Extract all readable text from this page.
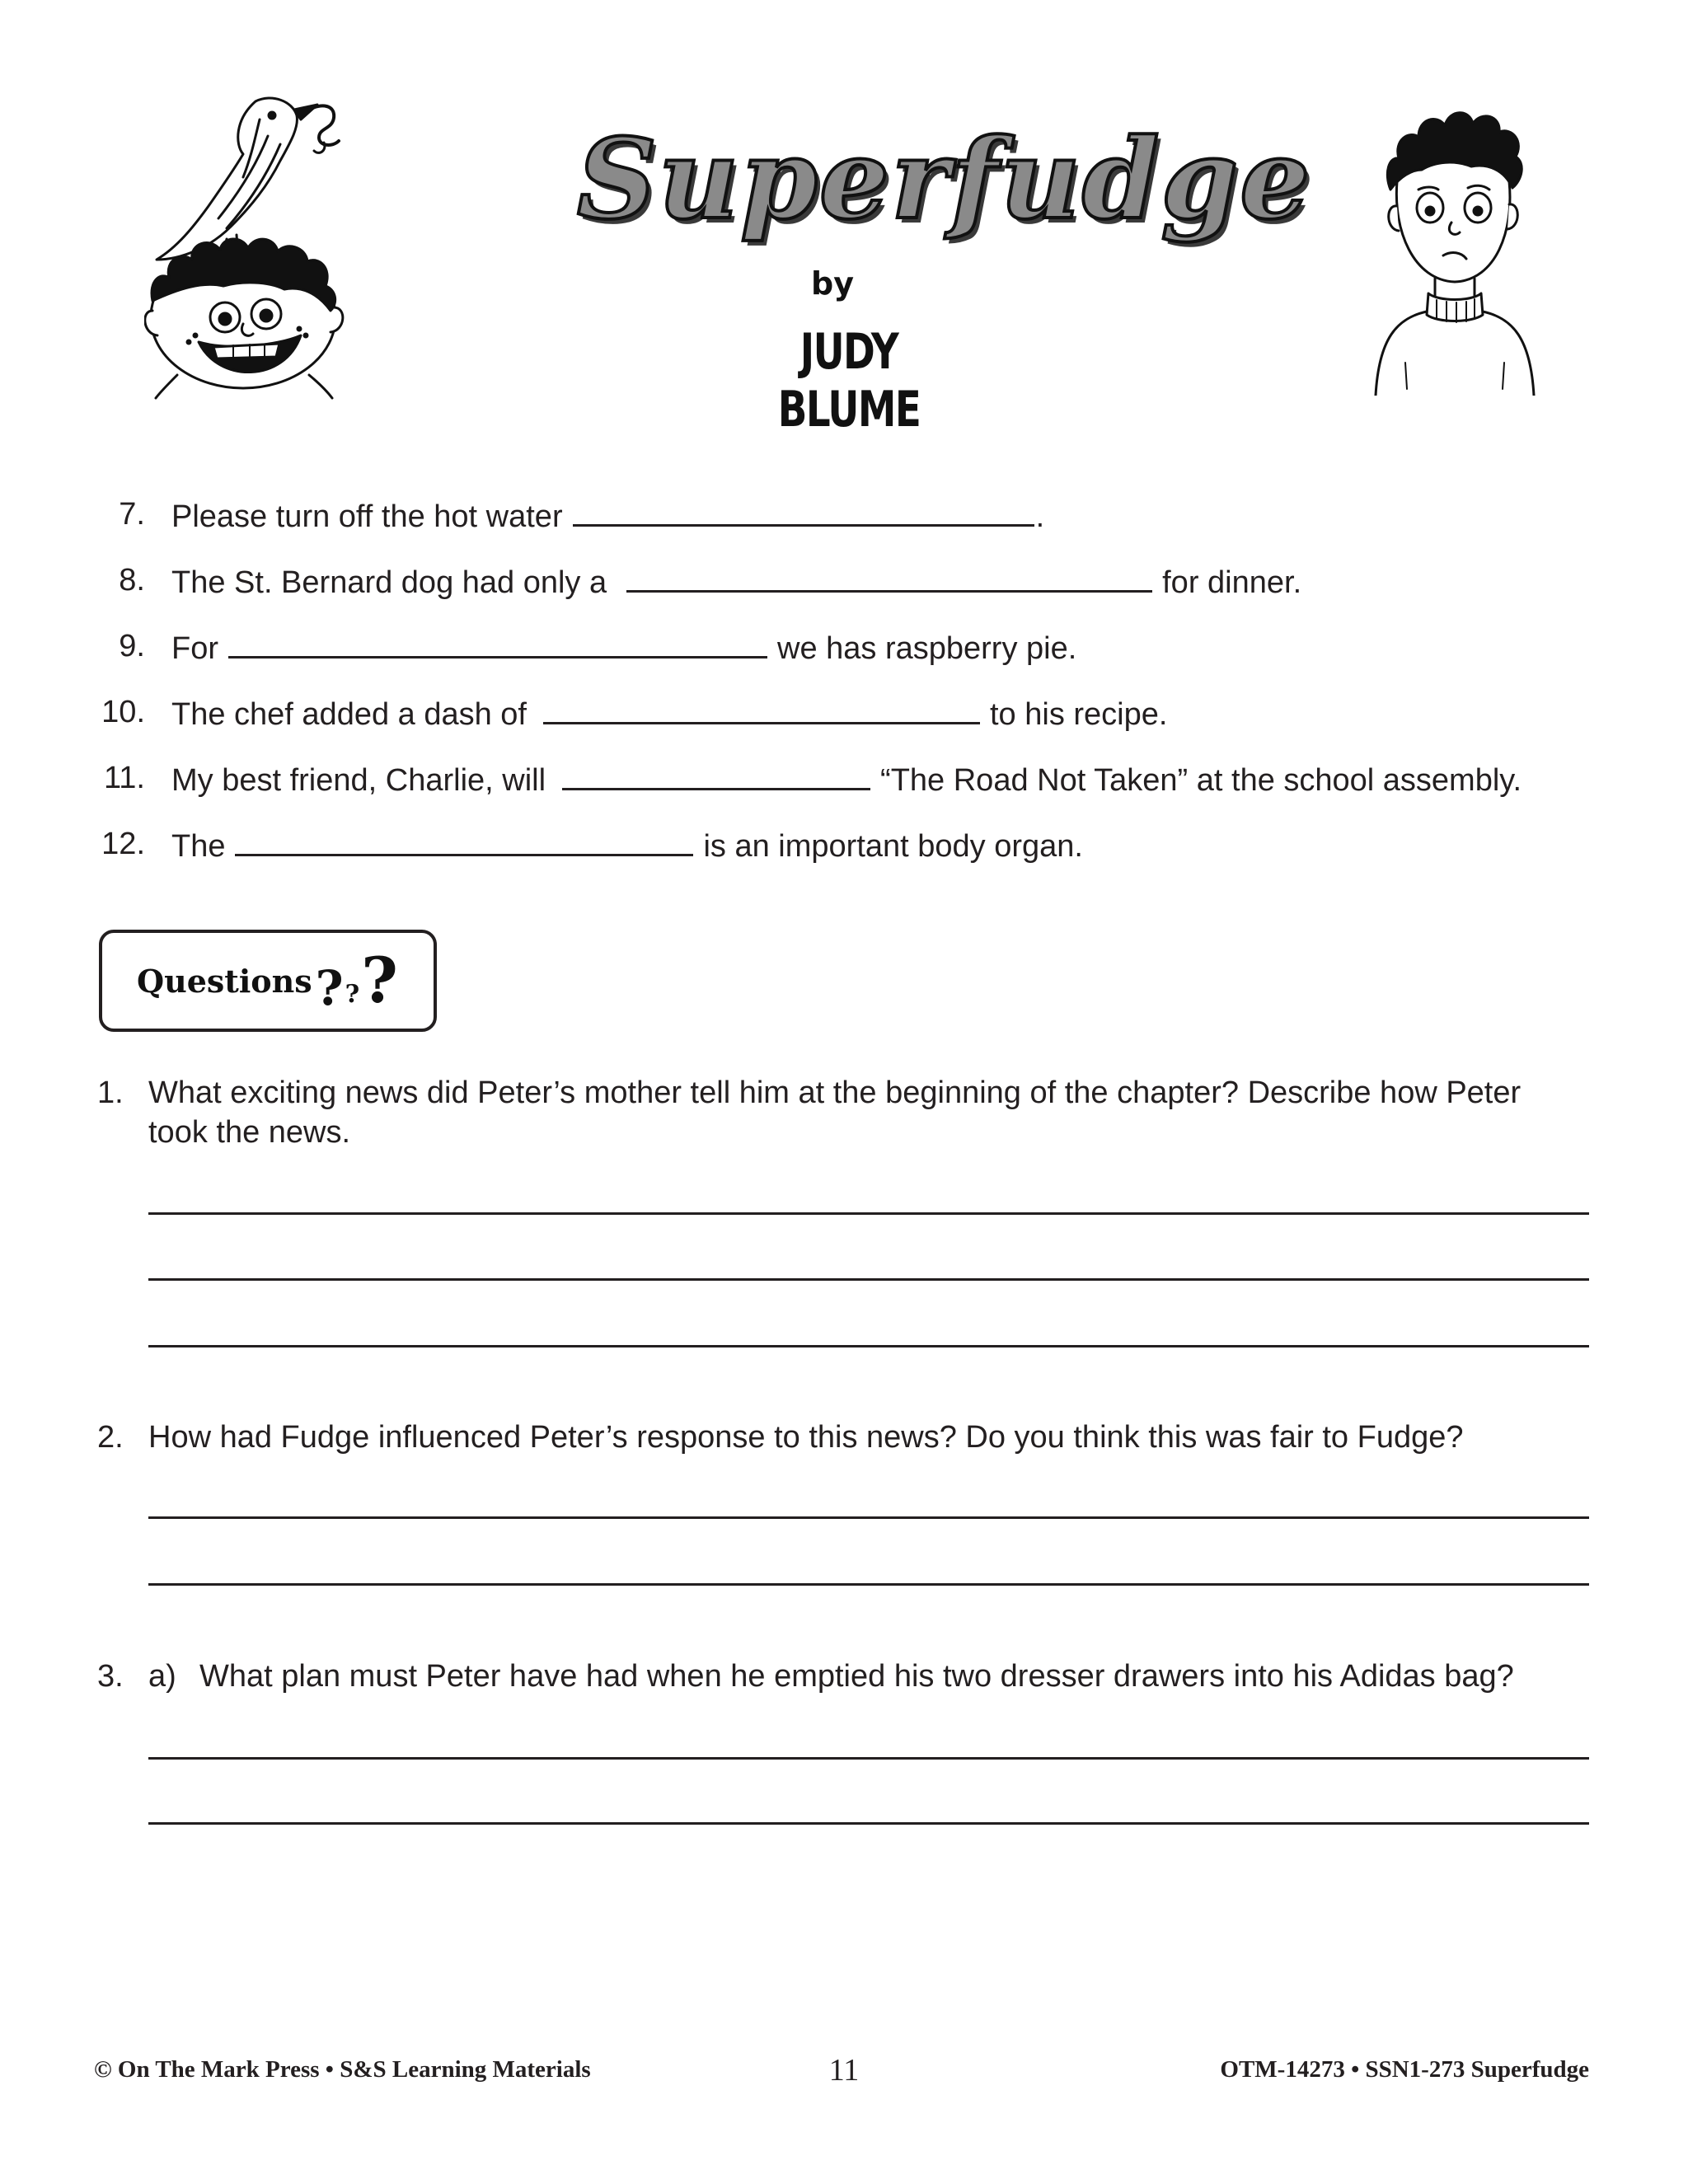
Superfudge
by
JUDY BLUME
7. Please turn off the hot water	.
8. The St. Bernard dog had only a	for dinner.
9. For	we has raspberry pie.
10. The chef added a dash of	to his recipe.
11. My best friend, Charlie, will	“The Road Not Taken” at the school assembly.
12. The	is an important body organ.
Questions ? ? ?
1. What exciting news did Peter’s mother tell him at the beginning of the chapter? Describe how Peter took the news.
2. How had Fudge influenced Peter’s response to this news? Do you think this was fair to Fudge?
3. a) What plan must Peter have had when he emptied his two dresser drawers into his Adidas bag?
© On The Mark Press • S&S Learning Materials	11	OTM-14273 • SSN1-273 Superfudge
